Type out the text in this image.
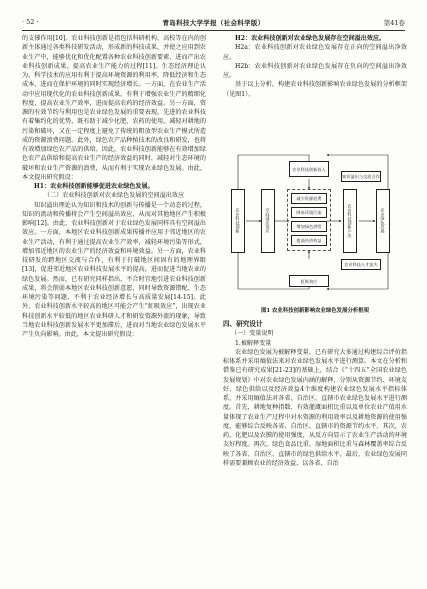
· 52 ·	青岛科技大学学报（社会科学版）	第41卷

的支撑作用[10]。农业科技创新是指包括科研机构、高校等在内的创新主体通过各类科技研发活动，形成新的科技成果，并使之应用到农业生产中，能够优化和优化配置各种农业科技创新要素，进而产出农业科技创新成果、提高农业生产能力的过程[11]。生态经济理论认为，科学技术的应用有利于提高环境资源的利用率，降低经济和生态成本，进而在保护环境的同时实现经济增长。一方面，在农业生产活动中应用现代化的农业科技创新成果，有利于增强农业生产的精细化程度，提高农业生产效率，进而提高农药的经济效益。另一方面，资源的有效节约与利用也是农业绿色发展的重要表现。先进的农业科技有着集约化的优势，既有助于减少化肥、农药的使用，减轻对耕地的污染和破坏，又在一定程度上避免了传统的粗放型农业生产模式所造成的资源浪费问题。此外，绿色农产品种植技术的改良和研发，也将有效增加绿色农产品的供给。因此，农业科技创新能够在有效增加绿色农产品供给和提高农业生产的经济效益的同时，减轻对生态环境的破坏和农业生产资源的浪费，从而有利于实现农业绿色发展。由此，本文提出研究假设：

H1：农业科技创新能够促进农业绿色发展。

（二）农业科技创新对农业绿色发展的空间溢出效应

知识溢出理论认为知识和技术的创新与传播是一个动态的过程，知识的流动和传播将会产生空间溢出效应，从而对其他地区产生积极影响[12]。由此，农业科技创新对于农业绿色发展同样具有空间溢出效应。一方面，本地区农业科技创新成果传播并应用于邻近地区的农业生产活动，有利于通过提高农业生产效率，减轻环境污染等形式，增加邻近地区的农业生产的经济效益和环境效益。另一方面，农业科技研发的跨地区交流与合作，有利于打破地区间固有的地理界限[13]，促进邻近地区农业科技发展水平的提高，进而促进当地农业的绿色发展。然而，已有研究同样指出，不合时宜地引进农业科技创新成果，将会削弱本地区农业科技创新意愿，同时导致资源错配、生态环境污染等问题，不利于农业经济增长与高质量发展[14-15]。此外，农业科技创新水平较高的地区可能会产生“虹吸效应”，出现农业科技创新水平较低的地区农业科研人才和研发资源外流的现象，导致当地农业科技创新发展水平更加滞后，进而对当地农业绿色发展水平产生负向影响。由此，本文提出研究假设：

H2：农业科技创新对农业绿色发展存在空间溢出效应。

H2a：农业科技创新对农业绿色发展存在正向的空间溢出净效应。

H2b：农业科技创新对农业绿色发展存在负向的空间溢出净效应。

基于以上分析，构建农业科技创新影响农业绿色发展的分析框架（见图1）。

农业科技创新投入
虹吸效应
农业科技创新	空间溢出效应
减少资源浪费
降低环境污染
增加绿色供给
提高经济效益
农业科技创新产出	农业绿色发展
农业科技人才流失
知识溢出与交流合作
图1 农业科技创新影响农业绿色发展分析框架

四、研究设计

（一）变量说明

1.被解释变量

农业绿色发展为被解释变量。已有研究大多通过构建综合评价指标体系并采用熵值法来对农业绿色发展水平进行测算。本文在分析和借鉴已有研究成果[21-23]的基础上，结合《“十四五”全国农业绿色发展规划》中对农业绿色发展内涵的解释，分别从资源节约、环境友好、绿色供给以及经济效益4个维度构建农业绿色发展水平指标体系，并采用熵值法对各省、自治区、直辖市农业绿色发展水平进行测度。首先，耕地复种指数、有效灌溉面积比重以及单位农业产值用水量体现了农业生产过程中对水资源的利用效率以及耕地资源的使用强度，能够综合反映各省、自治区、直辖市的资源节约水平。其次，农药、化肥以及农膜的使用强度，从反方向显示了农业生产活动的环境友好程度。再次，绿色食品比重、湿地面积比重与森林覆盖率综合反映了各省、自治区、直辖市的绿色供给水平。最后，农业绿色发展同样需要兼顾农业的经济效益，以各省、自治
